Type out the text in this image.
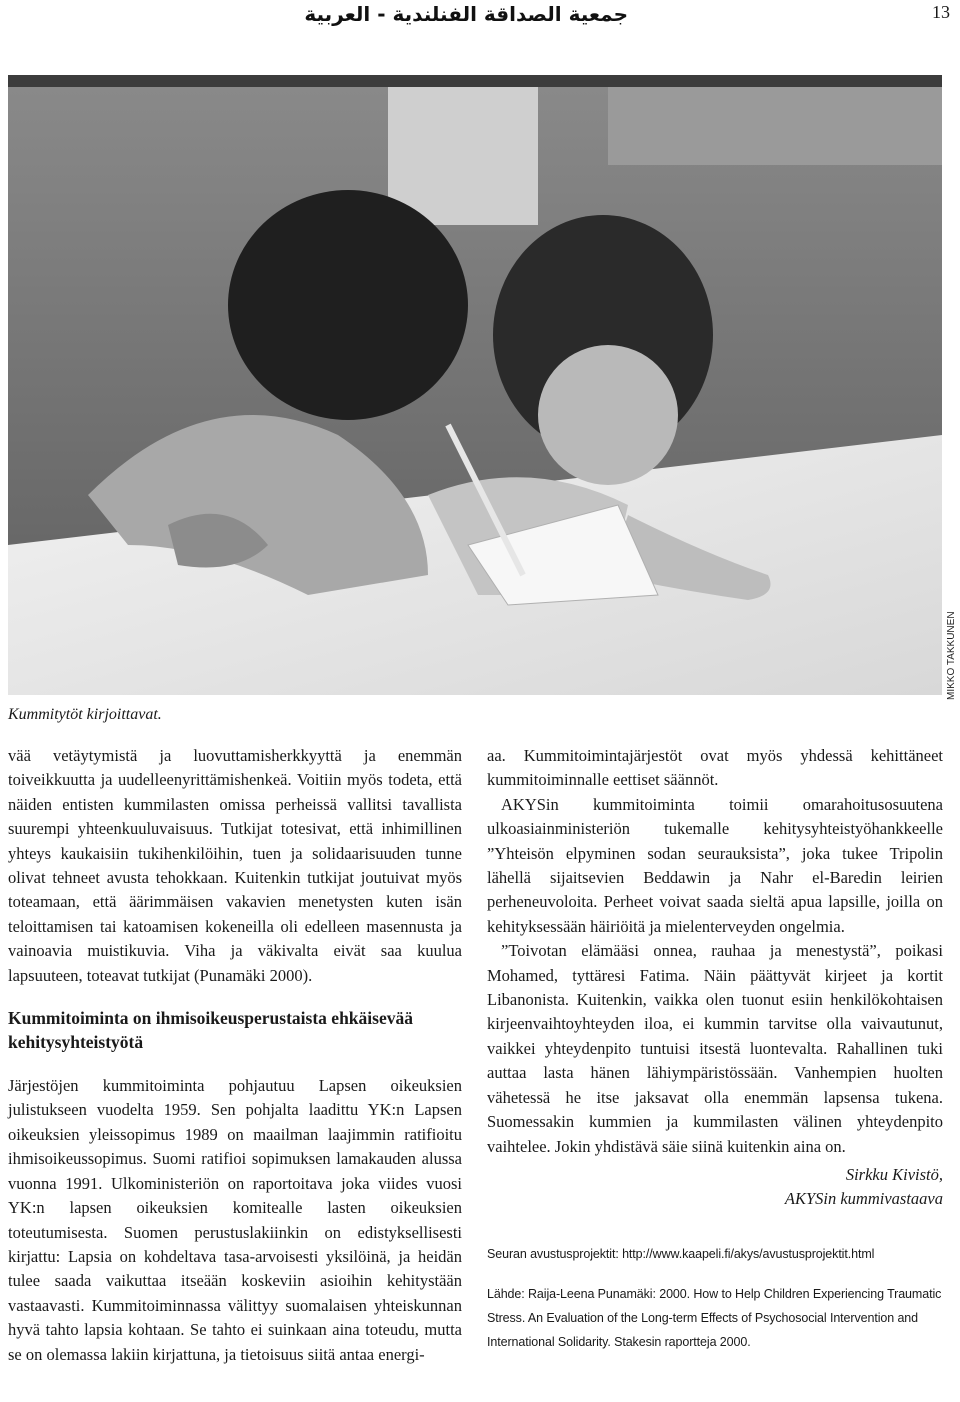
جمعية الصداقة الفنلندية - العربية	13
MIKKO TAKKUNEN
Kummitytöt kirjoittavat.

vää vetäytymistä ja luovuttamisherkkyyttä ja enemmän toiveikkuutta ja uudelleenyrittämishenkeä. Voitiin myös todeta, että näiden entisten kummilasten omissa perheissä vallitsi tavallista suurempi yhteenkuuluvaisuus. Tutkijat totesivat, että inhimillinen yhteys kaukaisiin tukihenkilöihin, tuen ja solidaarisuuden tunne olivat tehneet avusta tehokkaan. Kuitenkin tutkijat joutuivat myös toteamaan, että äärimmäisen vakavien menetysten kuten isän teloittamisen tai katoamisen kokeneilla oli edelleen masennusta ja vainoavia muistikuvia. Viha ja väkivalta eivät saa kuulua lapsuuteen, toteavat tutkijat (Punamäki 2000).

Kummitoiminta on ihmisoikeusperustaista ehkäisevää kehitysyhteistyötä

Järjestöjen kummitoiminta pohjautuu Lapsen oikeuksien julistukseen vuodelta 1959. Sen pohjalta laadittu YK:n Lapsen oikeuksien yleissopimus 1989 on maailman laajimmin ratifioitu ihmisoikeussopimus. Suomi ratifioi sopimuksen lamakauden alussa vuonna 1991. Ulkoministeriön on raportoitava joka viides vuosi YK:n lapsen oikeuksien komitealle lasten oikeuksien toteutumisesta. Suomen perustuslakiinkin on edistyksellisesti kirjattu: Lapsia on kohdeltava tasa-arvoisesti yksilöinä, ja heidän tulee saada vaikuttaa itseään koskeviin asioihin kehitystään vastaavasti. Kummitoiminnassa välittyy suomalaisen yhteiskunnan hyvä tahto lapsia kohtaan. Se tahto ei suinkaan aina toteudu, mutta se on olemassa lakiin kirjattuna, ja tietoisuus siitä antaa energi-

aa. Kummitoimintajärjestöt ovat myös yhdessä kehittäneet kummitoiminnalle eettiset säännöt.

AKYSin kummitoiminta toimii omarahoitusosuutena ulkoasiainministeriön tukemalle kehitysyhteistyöhankkeelle ”Yhteisön elpyminen sodan seurauksista”, joka tukee Tripolin lähellä sijaitsevien Beddawin ja Nahr el-Baredin leirien perheneuvoloita. Perheet voivat saada sieltä apua lapsille, joilla on kehityksessään häiriöitä ja mielenterveyden ongelmia.

”Toivotan elämääsi onnea, rauhaa ja menestystä”, poikasi Mohamed, tyttäresi Fatima. Näin päättyvät kirjeet ja kortit Libanonista. Kuitenkin, vaikka olen tuonut esiin henkilökohtaisen kirjeenvaihtoyhteyden iloa, ei kummin tarvitse olla vaivautunut, vaikkei yhteydenpito tuntuisi itsestä luontevalta. Rahallinen tuki auttaa lasta hänen lähiympäristössään. Vanhempien huolten vähetessä he itse jaksavat olla enemmän lapsensa tukena. Suomessakin kummien ja kummilasten välinen yhteydenpito vaihtelee. Jokin yhdistävä säie siinä kuitenkin aina on.

Sirkku Kivistö,
AKYSin kummivastaava
Seuran avustusprojektit: http://www.kaapeli.fi/akys/avustusprojektit.html
Lähde: Raija-Leena Punamäki: 2000. How to Help Children Experiencing Traumatic Stress. An Evaluation of the Long-term Effects of Psychosocial Intervention and International Solidarity. Stakesin raportteja 2000.
